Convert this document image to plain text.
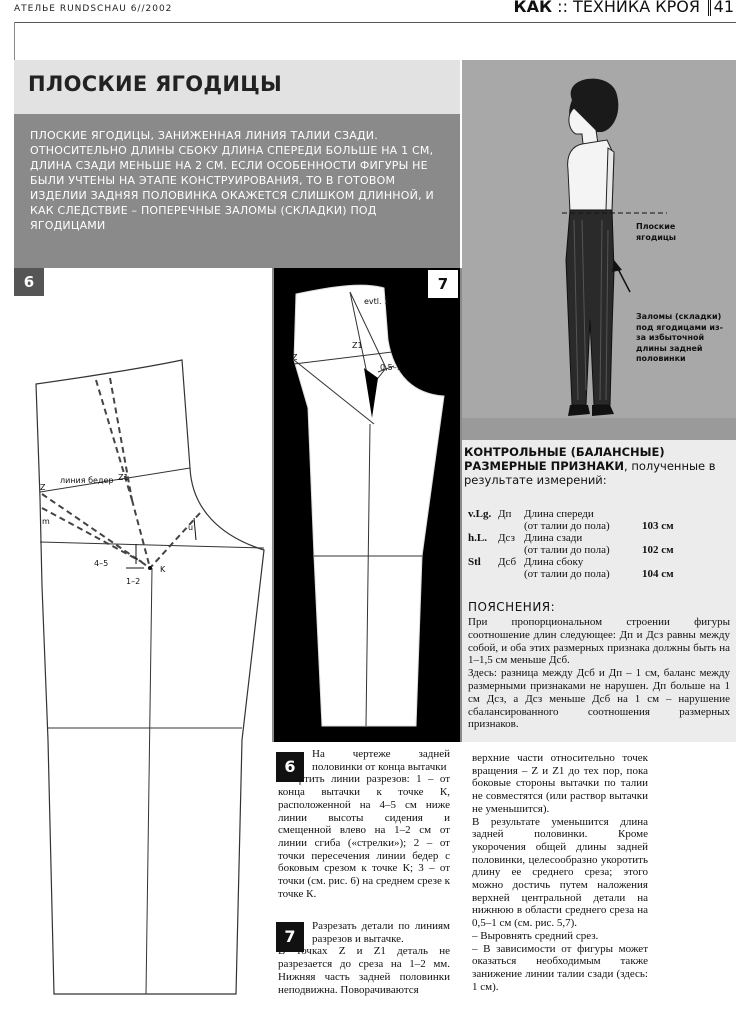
АТЕЛЬЕ RUNDSCHAU 6//2002	КАК :: ТЕХНИКА КРОЯ 41
ПЛОСКИЕ ЯГОДИЦЫ
ПЛОСКИЕ ЯГОДИЦЫ, ЗАНИЖЕННАЯ ЛИНИЯ ТАЛИИ СЗАДИ. ОТНОСИТЕЛЬНО ДЛИНЫ СБОКУ ДЛИНА СПЕРЕДИ БОЛЬШЕ НА 1 СМ, ДЛИНА СЗАДИ МЕНЬШЕ НА 2 СМ. ЕСЛИ ОСОБЕННОСТИ ФИГУРЫ НЕ БЫЛИ УЧТЕНЫ НА ЭТАПЕ КОНСТРУИРОВАНИЯ, ТО В ГОТОВОМ ИЗДЕЛИИ ЗАДНЯЯ ПОЛОВИНКА ОКАЖЕТСЯ СЛИШКОМ ДЛИННОЙ, И КАК СЛЕДСТВИЕ – ПОПЕРЕЧНЫЕ ЗАЛОМЫ (СКЛАДКИ) ПОД ЯГОДИЦАМИ	Плоские ягодицы
Заломы (складки) под ягодицами из-за избыточной длины задней половинки
линия бедер
Z
Z1
m
u
4–5
1–2
K
6
evtl. 1
Z1
Z
0,5–1
7
КОНТРОЛЬНЫЕ (БАЛАНСНЫЕ) РАЗМЕРНЫЕ ПРИЗНАКИ, полученные в результате измерений:
v.Lg. Дп	Длина спереди
(от талии до пола)	103 см
h.L.	Дсз Длина сзади
(от талии до пола)	102 см
Stl	Дсб Длина сбоку
(от талии до пола)	104 см
ПОЯСНЕНИЯ:

При пропорциональном строении фигуры соотношение длин следующее: Дп и Дсз равны между собой, и оба этих размерных признака должны быть на 1–1,5 см меньше Дсб.

Здесь: разница между Дсб и Дп – 1 см, баланс между размерными признаками не нарушен. Дп больше на 1 см Дсз, а Дсз меньше Дсб на 1 см – нарушение сбалансированного соотношения размерных признаков.

6
На чертеже задней половинки от конца вытачки
начертить линии разрезов: 1 – от конца вытачки к точке К, расположенной на 4–5 см ниже линии высоты сидения и смещенной влево на 1–2 см от линии сгиба («стрелки»); 2 – от точки пересечения линии бедер с боковым срезом к точке К; 3 – от точки (см. рис. 6) на среднем срезе к точке К.
7
Разрезать детали по линиям разрезов и вытачке.
В точках Z и Z1 деталь не разрезается до среза на 1–2 мм. Нижняя часть задней половинки неподвижна. Поворачиваются

верхние части относительно точек вращения – Z и Z1 до тех пор, пока боковые стороны вытачки по талии не совместятся (или раствор вытачки не уменьшится).

В результате уменьшится длина задней половинки. Кроме укорочения общей длины задней половинки, целесообразно укоротить длину ее среднего среза; этого можно достичь путем наложения верхней центральной детали на нижнюю в области среднего среза на 0,5–1 см (см. рис. 5,7).

– Выровнять средний срез.

– В зависимости от фигуры может оказаться необходимым также занижение линии талии сзади (здесь: 1 см).
